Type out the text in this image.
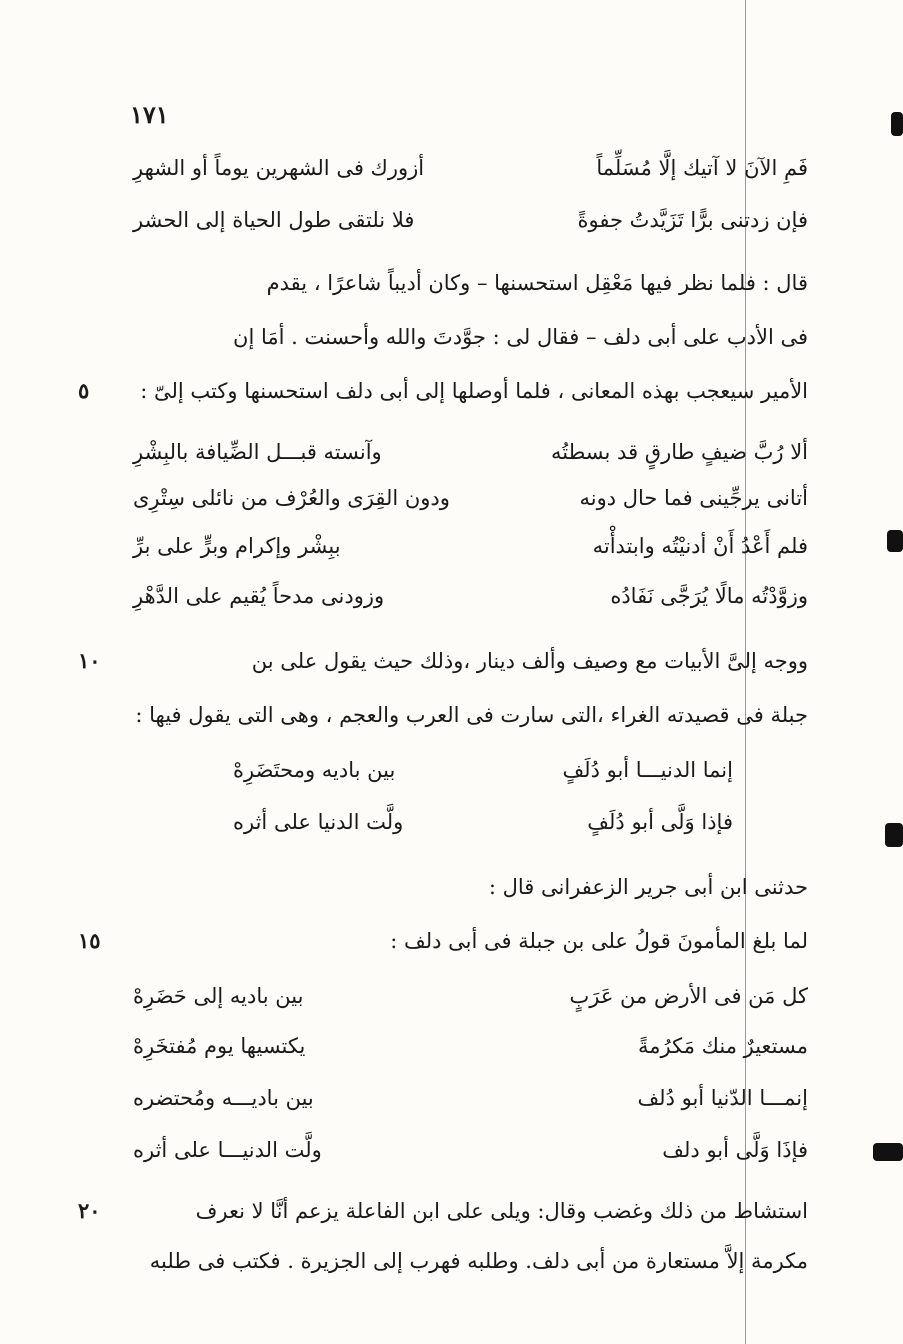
١٧١
فَمِ الآنَ لا آتيك إلَّا مُسَلِّماً
أزورك فى الشهرين يوماً أو الشهرِ
فإن زدتنى برًّا تَزَيَّدتُ جفوةً
فلا نلتقى طول الحياة إلى الحشر
قال : فلما نظر فيها مَعْقِل استحسنها – وكان أديباً شاعرًا ، يقدم
فى الأدب على أبى دلف – فقال لى : جوَّدتَ والله وأحسنت . أمَا إن
الأمير سيعجب بهذه المعانى ، فلما أوصلها إلى أبى دلف استحسنها وكتب إلىّ :
٥
ألا رُبَّ ضيفٍ طارقٍ قد بسطتُه
وآنسته قبـــل الضِّيافة بالبِشْرِ
أتانى يرجِّينى فما حال دونه
ودون القِرَى والعُرْف من نائلى سِتْرِى
فلم أَعْدُ أَنْ أدنيْتُه وابتدأْته
ببِشْر وإكرام وبرٍّ على برِّ
وزوَّدْتُه مالًا يُرَجَّى نَفَادُه
وزودنى مدحاً يُقيم على الدَّهْرِ
ووجه إلىَّ الأبيات مع وصيف وألف دينار ،وذلك حيث يقول على بن
١٠
جبلة فى قصيدته الغراء ،التى سارت فى العرب والعجم ، وهى التى يقول فيها :
إنما الدنيـــا أبو دُلَفٍ
بين باديه ومحتَضَرِهْ
فإذا وَلَّى أبو دُلَفٍ
ولَّت الدنيا على أثره
حدثنى ابن أبى جرير الزعفرانى قال :
لما بلغ المأمونَ قولُ على بن جبلة فى أبى دلف :
١٥
كل مَن فى الأرض من عَرَبٍ
بين باديه إلى حَضَرِهْ
مستعيرٌ منك مَكرُمةً
يكتسيها يوم مُفتخَرِهْ
إنمـــا الدّنيا أبو دُلف
بين باديـــه ومُحتضره
فإذَا وَلَّى أبو دلف
ولَّت الدنيـــا على أثره
استشاط من ذلك وغضب وقال: ويلى على ابن الفاعلة يزعم أنَّا لا نعرف
٢٠
مكرمة إلاَّ مستعارة من أبى دلف. وطلبه فهرب إلى الجزيرة . فكتب فى طلبه
